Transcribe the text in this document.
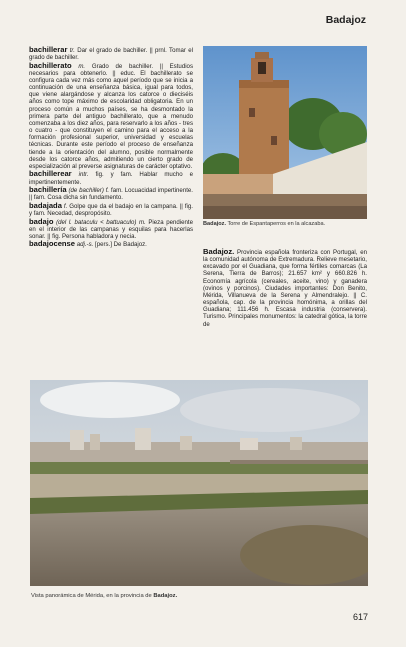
Badajoz

bachillerar tr. Dar el grado de bachiller. || prnl. Tomar el grado de bachiller.

bachillerato m. Grado de bachiller. || Estudios necesarios para obtenerlo. || educ. El bachillerato se configura cada vez más como aquel período que se inicia a continuación de una enseñanza básica, igual para todos, que viene alargándose y alcanza los catorce o dieciséis años como tope máximo de escolaridad obligatoria. En un proceso común a muchos países, se ha desmontado la primera parte del antiguo bachillerato, que a menudo comenzaba a los diez años, para reservarlo a los años - tres o cuatro - que constituyen el camino para el acceso a la formación profesional superior, universidad y escuelas técnicas. Durante este período el proceso de enseñanza tiende a la orientación del alumno, posible normalmente desde los catorce años, admitiendo un cierto grado de especialización al preverse asignaturas de carácter optativo.

bachillerear intr. fig. y fam. Hablar mucho e impertinentemente.

bachillería (de bachiller) f. fam. Locuacidad impertinente. || fam. Cosa dicha sin fundamento.

badajada f. Golpe que da el badajo en la campana. || fig. y fam. Necedad, despropósito.

badajo (del l. bataculu < battuaculo) m. Pieza pendiente en el interior de las campanas y esquilas para hacerlas sonar. || fig. Persona habladora y necia.

badajocense adj.-s. [pers.] De Badajoz.

Badajoz. Torre de Espantaperros en la alcazaba.

Badajoz. Provincia española fronteriza con Portugal, en la comunidad autónoma de Extremadura. Relieve mesetario, excavado por el Guadiana, que forma fértiles comarcas (La Serena, Tierra de Barros); 21.657 km² y 660.826 h. Economía agrícola (cereales, aceite, vino) y ganadera (ovinos y porcinos). Ciudades importantes: Don Benito, Mérida, Villanueva de la Serena y Almendralejo. || C. española, cap. de la provincia homónima, a orillas del Guadiana; 111.456 h. Escasa industria (conservera). Turismo. Principales monumentos: la catedral gótica, la torre de

Vista panorámica de Mérida, en la provincia de Badajoz.
617
